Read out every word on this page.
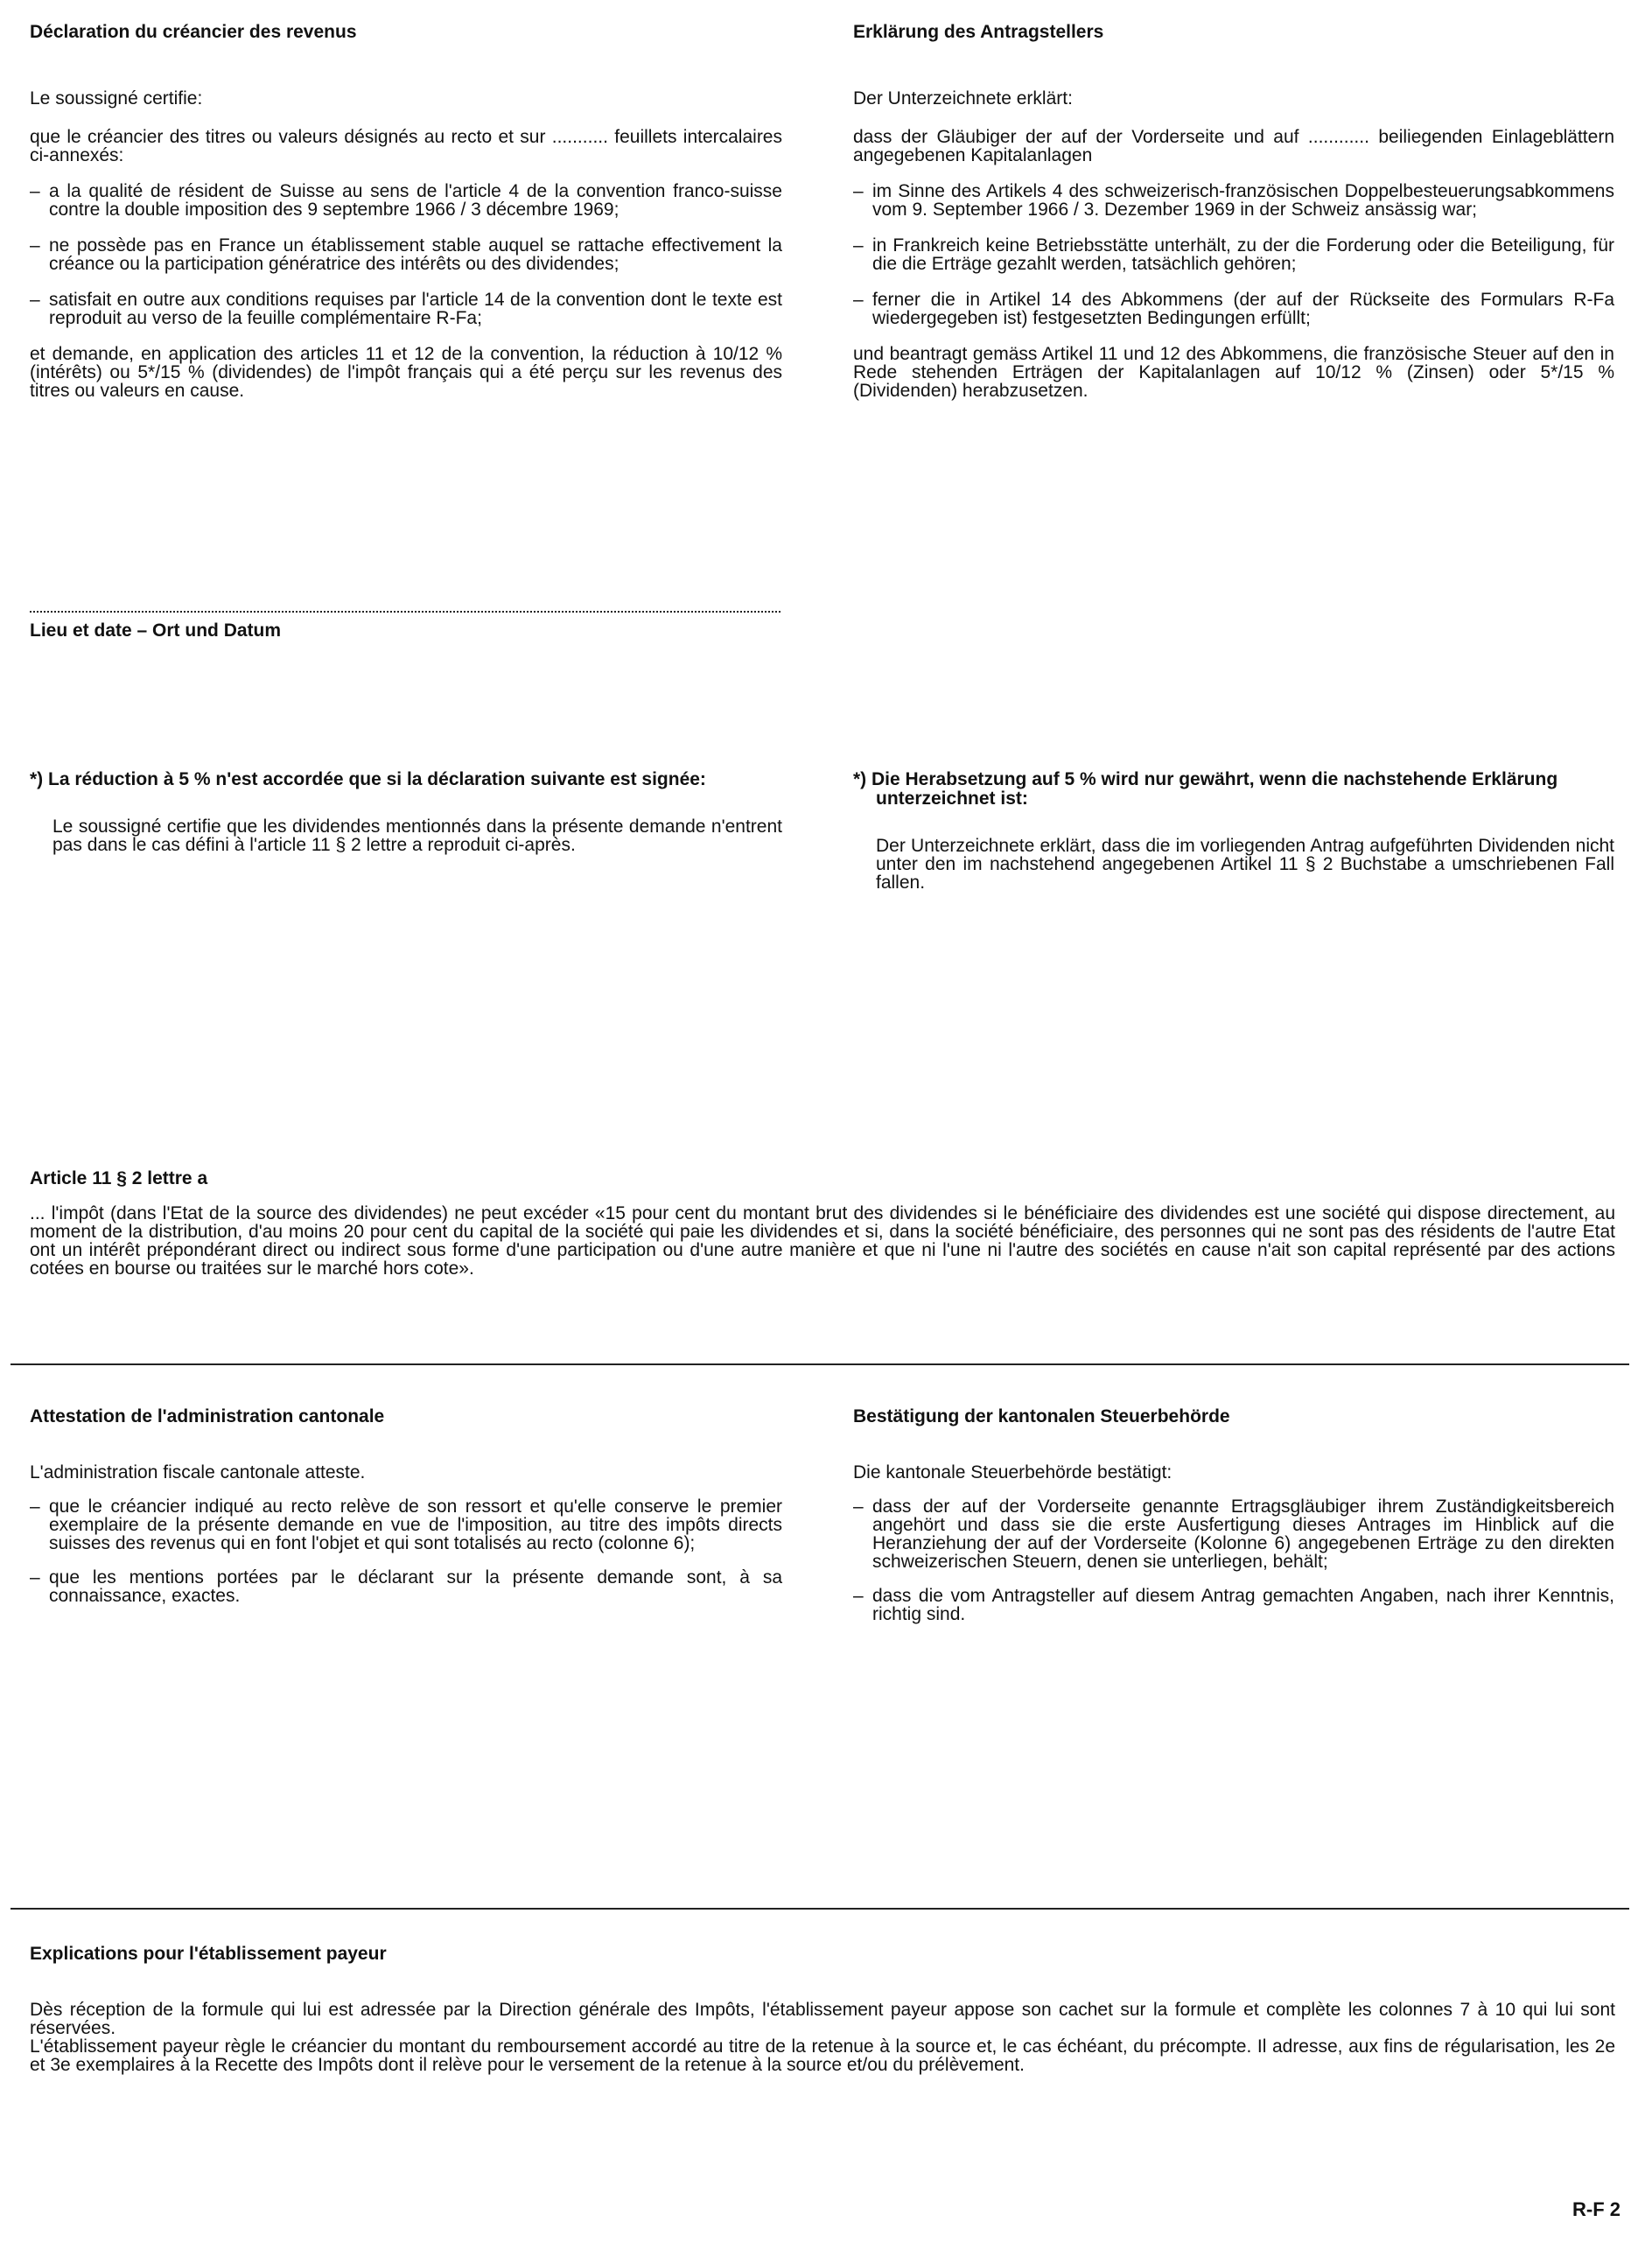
Déclaration du créancier des revenus

Le soussigné certifie:

que le créancier des titres ou valeurs désignés au recto et sur ........... feuillets intercalaires ci-annexés:

– a la qualité de résident de Suisse au sens de l'article 4 de la convention franco-suisse contre la double imposition des 9 septembre 1966 / 3 décembre 1969;
– ne possède pas en France un établissement stable auquel se rattache effectivement la créance ou la participation génératrice des intérêts ou des dividendes;
– satisfait en outre aux conditions requises par l'article 14 de la convention dont le texte est reproduit au verso de la feuille complémentaire R-Fa;

et demande, en application des articles 11 et 12 de la convention, la réduction à 10/12 % (intérêts) ou 5*/15 % (dividendes) de l'impôt français qui a été perçu sur les revenus des titres ou valeurs en cause.

Erklärung des Antragstellers

Der Unterzeichnete erklärt:

dass der Gläubiger der auf der Vorderseite und auf ............ beiliegenden Einlageblättern angegebenen Kapitalanlagen

– im Sinne des Artikels 4 des schweizerisch-französischen Doppelbesteuerungsabkommens vom 9. September 1966 / 3. Dezember 1969 in der Schweiz ansässig war;
– in Frankreich keine Betriebsstätte unterhält, zu der die Forderung oder die Beteiligung, für die die Erträge gezahlt werden, tatsächlich gehören;
– ferner die in Artikel 14 des Abkommens (der auf der Rückseite des Formulars R-Fa wiedergegeben ist) festgesetzten Bedingungen erfüllt;

und beantragt gemäss Artikel 11 und 12 des Abkommens, die französische Steuer auf den in Rede stehenden Erträgen der Kapitalanlagen auf 10/12 % (Zinsen) oder 5*/15 % (Dividenden) herabzusetzen.

Lieu et date – Ort und Datum

*) La réduction à 5 % n'est accordée que si la déclaration suivante est signée:

Le soussigné certifie que les dividendes mentionnés dans la présente demande n'entrent pas dans le cas défini à l'article 11 § 2 lettre a reproduit ci-après.

*) Die Herabsetzung auf 5 % wird nur gewährt, wenn die nachstehende Erklärung unterzeichnet ist:

Der Unterzeichnete erklärt, dass die im vorliegenden Antrag aufgeführten Dividenden nicht unter den im nachstehend angegebenen Artikel 11 § 2 Buchstabe a umschriebenen Fall fallen.

Article 11 § 2 lettre a

... l'impôt (dans l'Etat de la source des dividendes) ne peut excéder «15 pour cent du montant brut des dividendes si le bénéficiaire des dividendes est une société qui dispose directement, au moment de la distribution, d'au moins 20 pour cent du capital de la société qui paie les dividendes et si, dans la société bénéficiaire, des personnes qui ne sont pas des résidents de l'autre Etat ont un intérêt prépondérant direct ou indirect sous forme d'une participation ou d'une autre manière et que ni l'une ni l'autre des sociétés en cause n'ait son capital représenté par des actions cotées en bourse ou traitées sur le marché hors cote».

Attestation de l'administration cantonale

L'administration fiscale cantonale atteste.

– que le créancier indiqué au recto relève de son ressort et qu'elle conserve le premier exemplaire de la présente demande en vue de l'imposition, au titre des impôts directs suisses des revenus qui en font l'objet et qui sont totalisés au recto (colonne 6);
– que les mentions portées par le déclarant sur la présente demande sont, à sa connaissance, exactes.

Bestätigung der kantonalen Steuerbehörde

Die kantonale Steuerbehörde bestätigt:

– dass der auf der Vorderseite genannte Ertragsgläubiger ihrem Zuständigkeitsbereich angehört und dass sie die erste Ausfertigung dieses Antrages im Hinblick auf die Heranziehung der auf der Vorderseite (Kolonne 6) angegebenen Erträge zu den direkten schweizerischen Steuern, denen sie unterliegen, behält;
– dass die vom Antragsteller auf diesem Antrag gemachten Angaben, nach ihrer Kenntnis, richtig sind.

Explications pour l'établissement payeur

Dès réception de la formule qui lui est adressée par la Direction générale des Impôts, l'établissement payeur appose son cachet sur la formule et complète les colonnes 7 à 10 qui lui sont réservées.
L'établissement payeur règle le créancier du montant du remboursement accordé au titre de la retenue à la source et, le cas échéant, du précompte. Il adresse, aux fins de régularisation, les 2e et 3e exemplaires à la Recette des Impôts dont il relève pour le versement de la retenue à la source et/ou du prélèvement.

R-F 2
